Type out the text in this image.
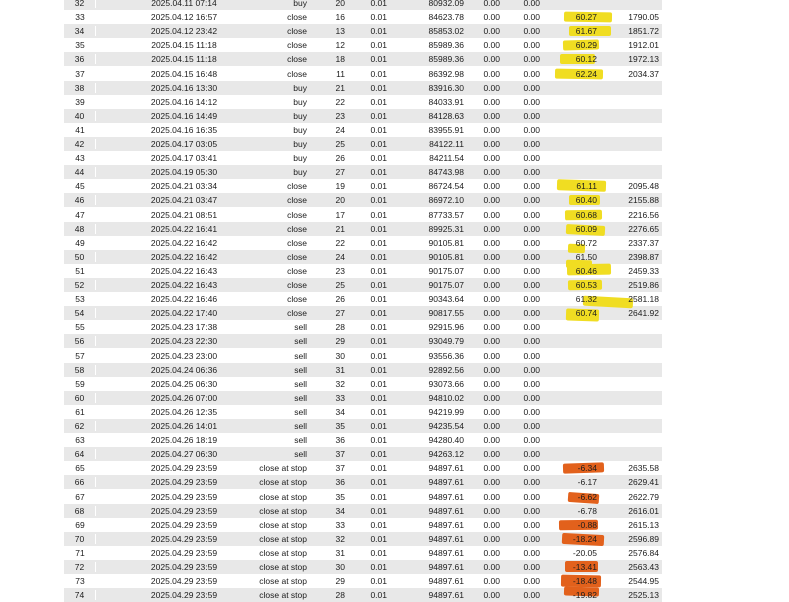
32	2025.04.11 07:14	buy	20	0.01	80932.09	0.00	0.00
33	2025.04.12 16:57	close	16	0.01	84623.78	0.00	0.00	60.27	1790.05
34	2025.04.12 23:42	close	13	0.01	85853.02	0.00	0.00	61.67	1851.72
35	2025.04.15 11:18	close	12	0.01	85989.36	0.00	0.00	60.29	1912.01
36	2025.04.15 11:18	close	18	0.01	85989.36	0.00	0.00	60.12	1972.13
37	2025.04.15 16:48	close	11	0.01	86392.98	0.00	0.00	62.24	2034.37
38	2025.04.16 13:30	buy	21	0.01	83916.30	0.00	0.00
39	2025.04.16 14:12	buy	22	0.01	84033.91	0.00	0.00
40	2025.04.16 14:49	buy	23	0.01	84128.63	0.00	0.00
41	2025.04.16 16:35	buy	24	0.01	83955.91	0.00	0.00
42	2025.04.17 03:05	buy	25	0.01	84122.11	0.00	0.00
43	2025.04.17 03:41	buy	26	0.01	84211.54	0.00	0.00
44	2025.04.19 05:30	buy	27	0.01	84743.98	0.00	0.00
45	2025.04.21 03:34	close	19	0.01	86724.54	0.00	0.00	61.11	2095.48
46	2025.04.21 03:47	close	20	0.01	86972.10	0.00	0.00	60.40	2155.88
47	2025.04.21 08:51	close	17	0.01	87733.57	0.00	0.00	60.68	2216.56
48	2025.04.22 16:41	close	21	0.01	89925.31	0.00	0.00	60.09	2276.65
49	2025.04.22 16:42	close	22	0.01	90105.81	0.00	0.00	60.72	2337.37
50	2025.04.22 16:42	close	24	0.01	90105.81	0.00	0.00	61.50	2398.87
51	2025.04.22 16:43	close	23	0.01	90175.07	0.00	0.00	60.46	2459.33
52	2025.04.22 16:43	close	25	0.01	90175.07	0.00	0.00	60.53	2519.86
53	2025.04.22 16:46	close	26	0.01	90343.64	0.00	0.00	61.32	2581.18
54	2025.04.22 17:40	close	27	0.01	90817.55	0.00	0.00	60.74	2641.92
55	2025.04.23 17:38	sell	28	0.01	92915.96	0.00	0.00
56	2025.04.23 22:30	sell	29	0.01	93049.79	0.00	0.00
57	2025.04.23 23:00	sell	30	0.01	93556.36	0.00	0.00
58	2025.04.24 06:36	sell	31	0.01	92892.56	0.00	0.00
59	2025.04.25 06:30	sell	32	0.01	93073.66	0.00	0.00
60	2025.04.26 07:00	sell	33	0.01	94810.02	0.00	0.00
61	2025.04.26 12:35	sell	34	0.01	94219.99	0.00	0.00
62	2025.04.26 14:01	sell	35	0.01	94235.54	0.00	0.00
63	2025.04.26 18:19	sell	36	0.01	94280.40	0.00	0.00
64	2025.04.27 06:30	sell	37	0.01	94263.12	0.00	0.00
65	2025.04.29 23:59	close at stop	37	0.01	94897.61	0.00	0.00	-6.34	2635.58
66	2025.04.29 23:59	close at stop	36	0.01	94897.61	0.00	0.00	-6.17	2629.41
67	2025.04.29 23:59	close at stop	35	0.01	94897.61	0.00	0.00	-6.62	2622.79
68	2025.04.29 23:59	close at stop	34	0.01	94897.61	0.00	0.00	-6.78	2616.01
69	2025.04.29 23:59	close at stop	33	0.01	94897.61	0.00	0.00	-0.88	2615.13
70	2025.04.29 23:59	close at stop	32	0.01	94897.61	0.00	0.00	-18.24	2596.89
71	2025.04.29 23:59	close at stop	31	0.01	94897.61	0.00	0.00	-20.05	2576.84
72	2025.04.29 23:59	close at stop	30	0.01	94897.61	0.00	0.00	-13.41	2563.43
73	2025.04.29 23:59	close at stop	29	0.01	94897.61	0.00	0.00	-18.48	2544.95
74	2025.04.29 23:59	close at stop	28	0.01	94897.61	0.00	0.00	-19.82	2525.13
